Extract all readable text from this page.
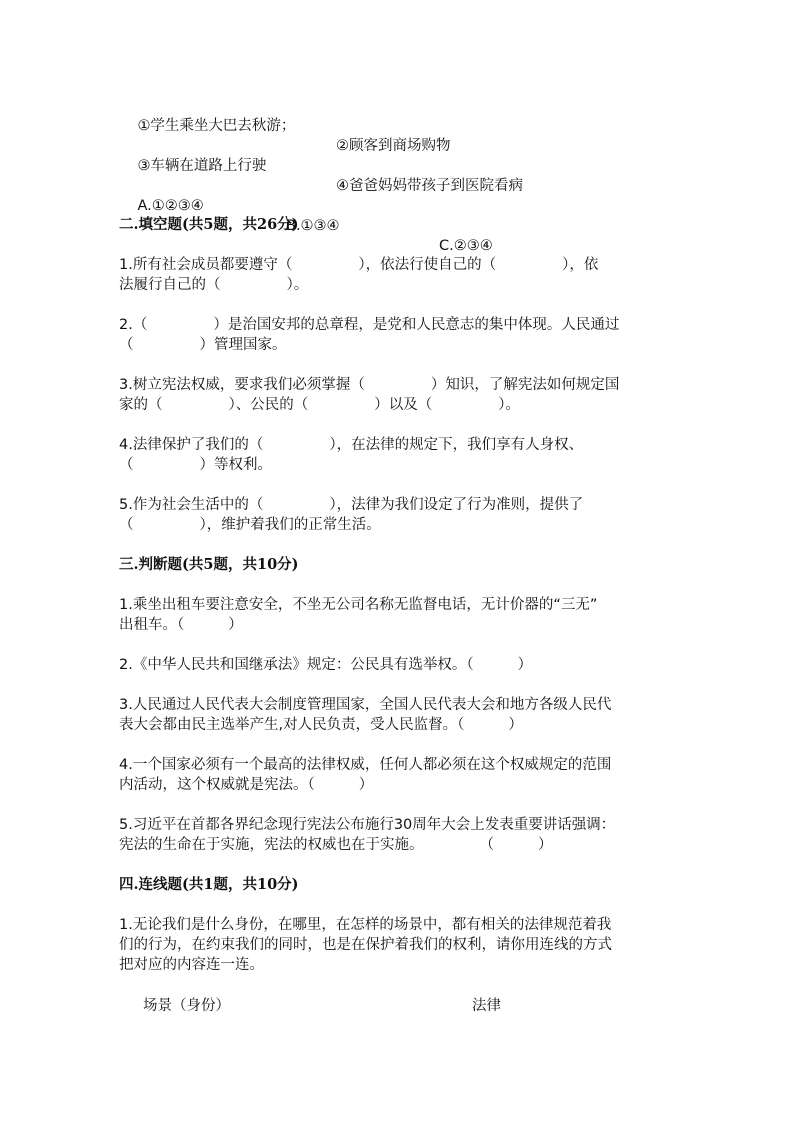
①学生乘坐大巴去秋游；

②顾客到商场购物

③车辆在道路上行驶

④爸爸妈妈带孩子到医院看病

A.①②③④

B.①③④

C.②③④

二.填空题(共5题，共26分)
1.所有社会成员都要遵守（	），依法行使自己的（	），依
法履行自己的（	）。
2.（	）是治国安邦的总章程，是党和人民意志的集中体现。人民通过
（	）管理国家。
3.树立宪法权威，要求我们必须掌握（	）知识，了解宪法如何规定国
家的（	）、公民的（	）以及（	）。
4.法律保护了我们的（	），在法律的规定下，我们享有人身权、
（	）等权利。
5.作为社会生活中的（	），法律为我们设定了行为准则，提供了
（	），维护着我们的正常生活。
三.判断题(共5题，共10分)
1.乘坐出租车要注意安全，不坐无公司名称无监督电话，无计价器的“三无”
出租车。（	）
2.《中华人民共和国继承法》规定：公民具有选举权。（	）
3.人民通过人民代表大会制度管理国家，全国人民代表大会和地方各级人民代
表大会都由民主选举产生,对人民负责，受人民监督。（	）
4.一个国家必须有一个最高的法律权威，任何人都必须在这个权威规定的范围
内活动，这个权威就是宪法。（	）
5.习近平在首都各界纪念现行宪法公布施行30周年大会上发表重要讲话强调：
宪法的生命在于实施，宪法的权威也在于实施。	（	）
四.连线题(共1题，共10分)
1.无论我们是什么身份，在哪里，在怎样的场景中，都有相关的法律规范着我
们的行为，在约束我们的同时，也是在保护着我们的权利，请你用连线的方式
把对应的内容连一连。
场景（身份）	法律
